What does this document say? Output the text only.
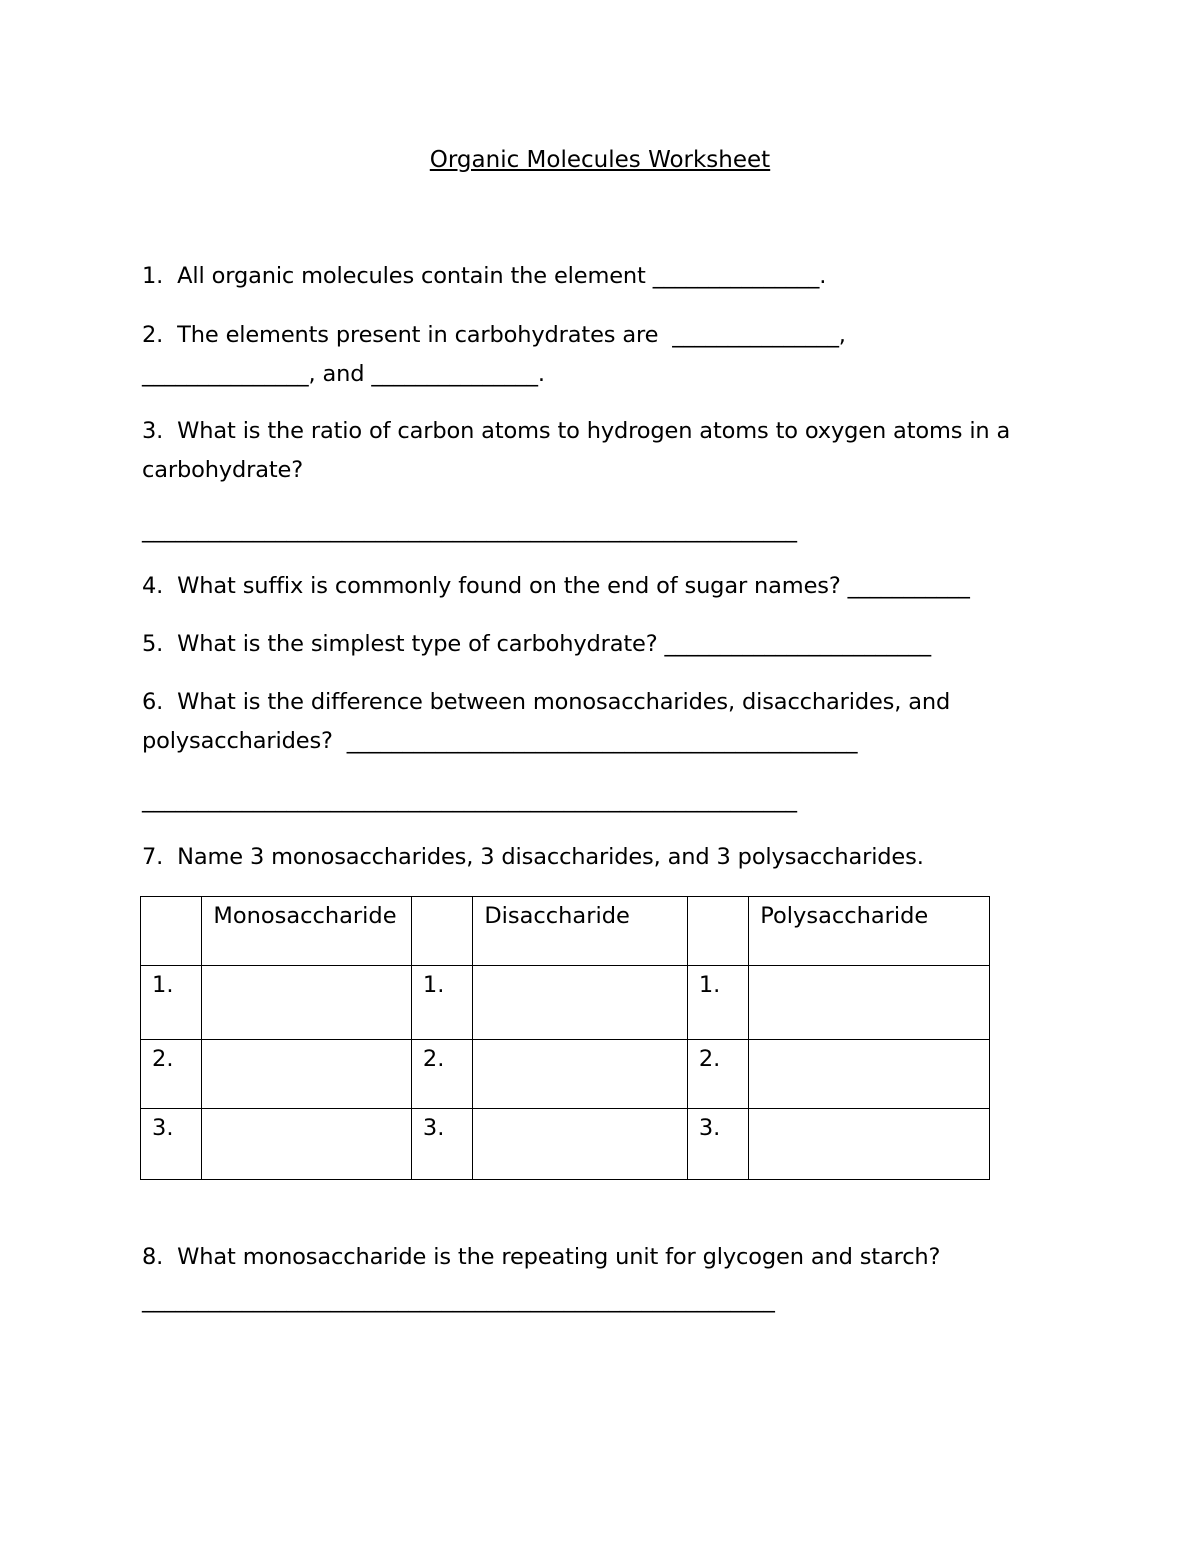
Organic Molecules Worksheet

1.  All organic molecules contain the element _______________.

2.  The elements present in carbohydrates are  _______________,

_______________, and _______________.

3.  What is the ratio of carbon atoms to hydrogen atoms to oxygen atoms in a

carbohydrate?

___________________________________________________________

4.  What suffix is commonly found on the end of sugar names? ___________

5.  What is the simplest type of carbohydrate? ________________________

6.  What is the difference between monosaccharides, disaccharides, and

polysaccharides?  ______________________________________________

___________________________________________________________

7.  Name 3 monosaccharides, 3 disaccharides, and 3 polysaccharides.

	Monosaccharide		Disaccharide		Polysaccharide
1.		1.		1.	
2.		2.		2.	
3.		3.		3.	

8.  What monosaccharide is the repeating unit for glycogen and starch?

_________________________________________________________
